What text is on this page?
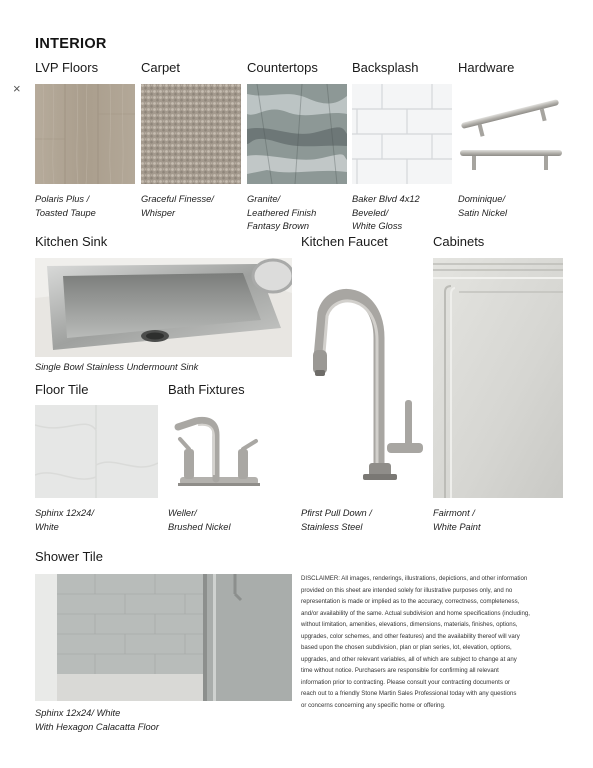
INTERIOR
×
LVP Floors	Carpet	Countertops	Backsplash	Hardware
Polaris Plus /
Toasted Taupe
Graceful Finesse/
Whisper
Granite/
Leathered Finish
Fantasy Brown
Baker Blvd 4x12
Beveled/
White Gloss
Dominique/
Satin Nickel
Kitchen Sink	Kitchen Faucet	Cabinets
Single Bowl Stainless Undermount Sink
Floor Tile	Bath Fixtures
Sphinx 12x24/
White
Weller/
Brushed Nickel
Pfirst Pull Down /
Stainless Steel
Fairmont /
White Paint
Shower Tile
Sphinx 12x24/ White
With Hexagon Calacatta Floor
DISCLAIMER: All images, renderings, illustrations, depictions, and other information
provided on this sheet are intended solely for illustrative purposes only, and no
representation is made or implied as to the accuracy, correctness, completeness,
and/or availability of the same. Actual subdivision and home specifications (including,
without limitation, amenities, elevations, dimensions, materials, finishes, options,
upgrades, color schemes, and other features) and the availability thereof will vary
based upon the chosen subdivision, plan or plan series, lot, elevation, options,
upgrades, and other relevant variables, all of which are subject to change at any
time without notice. Purchasers are responsible for confirming all relevant
information prior to contracting. Please consult your contracting documents or
reach out to a friendly Stone Martin Sales Professional today with any questions
or concerns concerning any specific home or offering.
